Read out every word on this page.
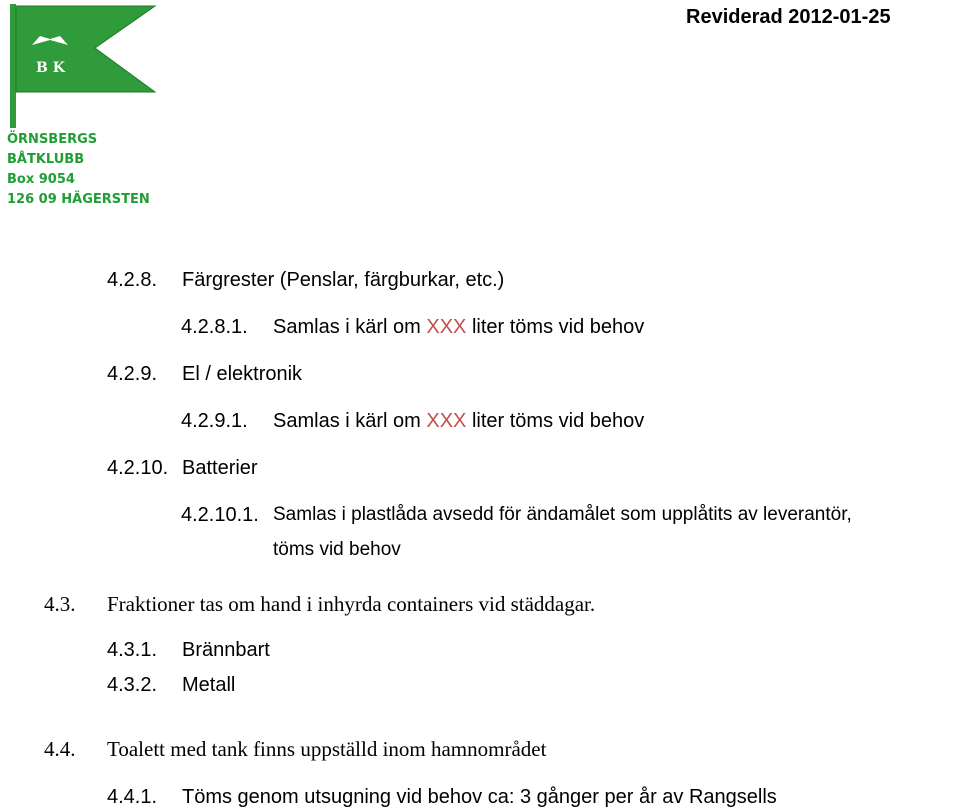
B K
ÖRNSBERGS
BÅTKLUBB
Box 9054
126 09 HÄGERSTEN
Reviderad 2012-01-25
4.2.8. Färgrester (Penslar, färgburkar, etc.)
4.2.8.1. Samlas i kärl om XXX liter töms vid behov
4.2.9. El / elektronik
4.2.9.1. Samlas i kärl om XXX liter töms vid behov
4.2.10. Batterier
4.2.10.1. Samlas i plastlåda avsedd för ändamålet som upplåtits av leverantör,
töms vid behov
4.3. Fraktioner tas om hand i inhyrda containers vid städdagar.
4.3.1. Brännbart
4.3.2. Metall
4.4. Toalett med tank finns uppställd inom hamnområdet
4.4.1. Töms genom utsugning vid behov ca: 3 gånger per år av Rangsells
